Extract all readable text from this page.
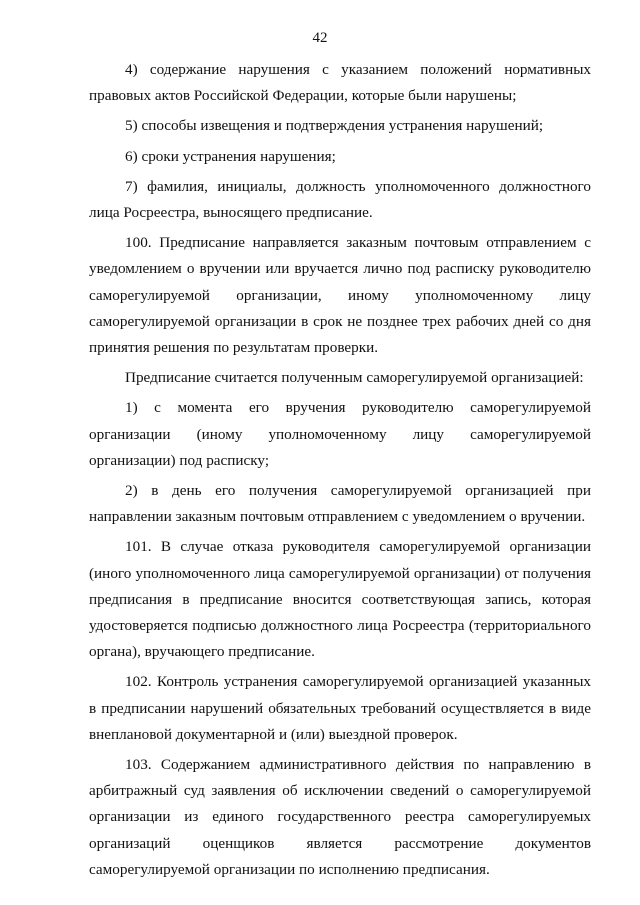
42

4) содержание нарушения с указанием положений нормативных правовых актов Российской Федерации, которые были нарушены;

5) способы извещения и подтверждения устранения нарушений;

6) сроки устранения нарушения;

7) фамилия, инициалы, должность уполномоченного должностного лица Росреестра, выносящего предписание.

100. Предписание направляется заказным почтовым отправлением с уведомлением о вручении или вручается лично под расписку руководителю саморегулируемой организации, иному уполномоченному лицу саморегулируемой организации в срок не позднее трех рабочих дней со дня принятия решения по результатам проверки.

Предписание считается полученным саморегулируемой организацией:

1) с момента его вручения руководителю саморегулируемой организации (иному уполномоченному лицу саморегулируемой организации) под расписку;

2) в день его получения саморегулируемой организацией при направлении заказным почтовым отправлением с уведомлением о вручении.

101. В случае отказа руководителя саморегулируемой организации (иного уполномоченного лица саморегулируемой организации) от получения предписания в предписание вносится соответствующая запись, которая удостоверяется подписью должностного лица Росреестра (территориального органа), вручающего предписание.

102. Контроль устранения саморегулируемой организацией указанных в предписании нарушений обязательных требований осуществляется в виде внеплановой документарной и (или) выездной проверок.

103. Содержанием административного действия по направлению в арбитражный суд заявления об исключении сведений о саморегулируемой организации из единого государственного реестра саморегулируемых организаций оценщиков является рассмотрение документов саморегулируемой организации по исполнению предписания.
